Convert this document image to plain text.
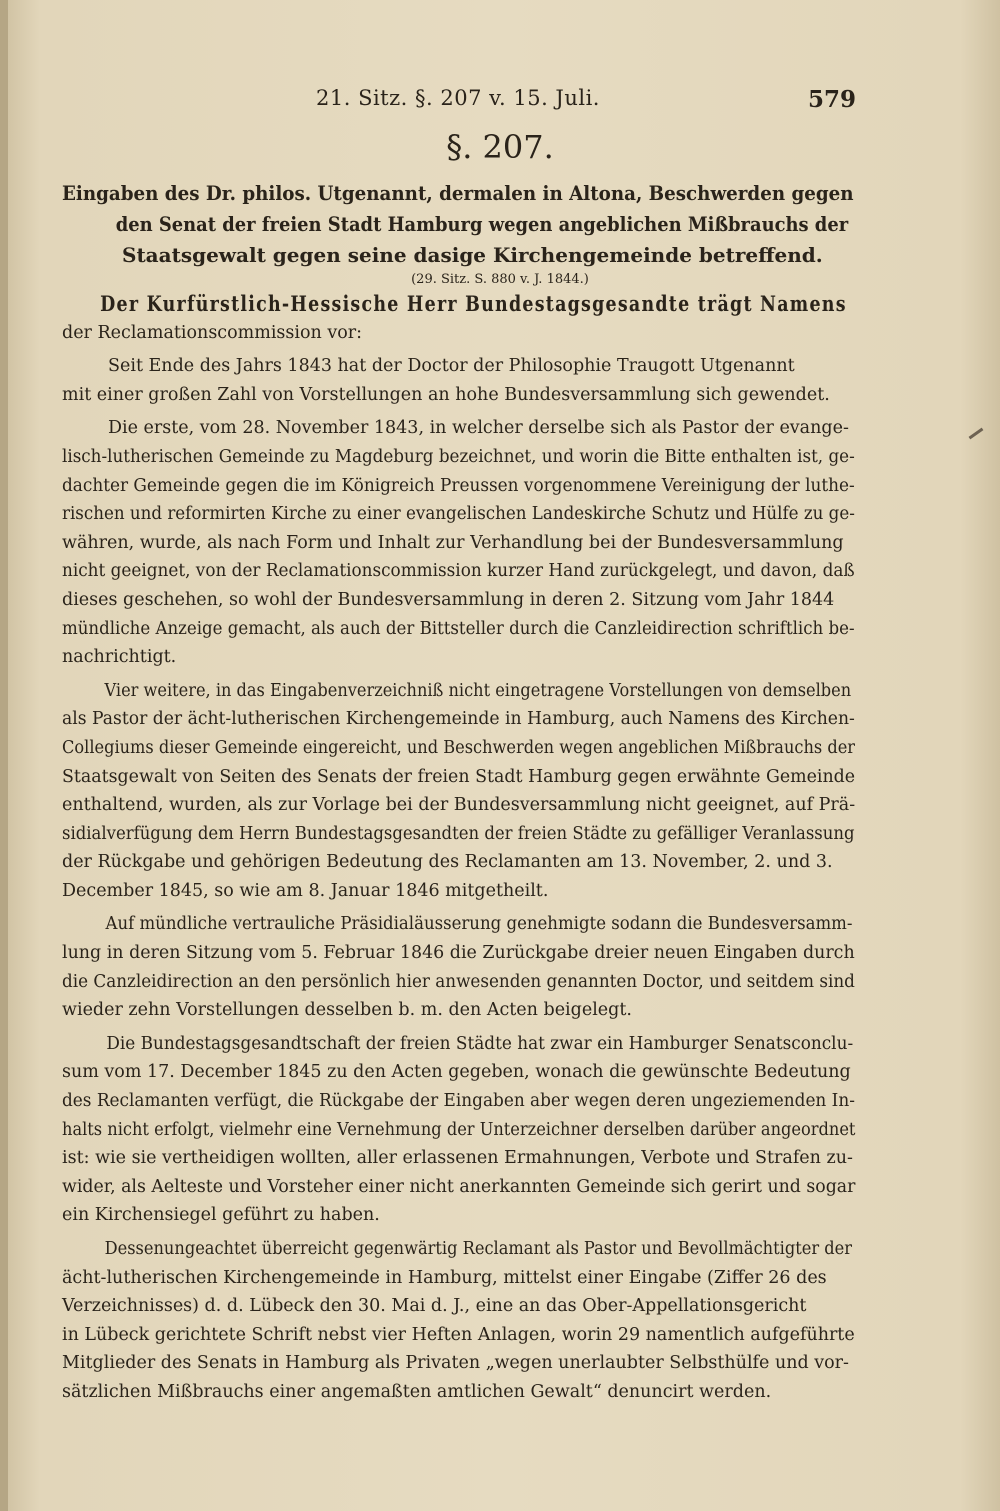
21. Sitz. §. 207 v. 15. Juli.	579
§. 207.
Eingaben des Dr. philos. Utgenannt, dermalen in Altona, Beschwerden gegen
den Senat der freien Stadt Hamburg wegen angeblichen Mißbrauchs der
Staatsgewalt gegen seine dasige Kirchengemeinde betreffend.
(29. Sitz. S. 880 v. J. 1844.)
Der Kurfürstlich-Hessische Herr Bundestagsgesandte trägt Namens
der Reclamationscommission vor:
Seit Ende des Jahrs 1843 hat der Doctor der Philosophie Traugott Utgenannt
mit einer großen Zahl von Vorstellungen an hohe Bundesversammlung sich gewendet.
Die erste, vom 28. November 1843, in welcher derselbe sich als Pastor der evange-
lisch-lutherischen Gemeinde zu Magdeburg bezeichnet, und worin die Bitte enthalten ist, ge-
dachter Gemeinde gegen die im Königreich Preussen vorgenommene Vereinigung der luthe-
rischen und reformirten Kirche zu einer evangelischen Landeskirche Schutz und Hülfe zu ge-
währen, wurde, als nach Form und Inhalt zur Verhandlung bei der Bundesversammlung
nicht geeignet, von der Reclamationscommission kurzer Hand zurückgelegt, und davon, daß
dieses geschehen, so wohl der Bundesversammlung in deren 2. Sitzung vom Jahr 1844
mündliche Anzeige gemacht, als auch der Bittsteller durch die Canzleidirection schriftlich be-
nachrichtigt.
Vier weitere, in das Eingabenverzeichniß nicht eingetragene Vorstellungen von demselben
als Pastor der ächt-lutherischen Kirchengemeinde in Hamburg, auch Namens des Kirchen-
Collegiums dieser Gemeinde eingereicht, und Beschwerden wegen angeblichen Mißbrauchs der
Staatsgewalt von Seiten des Senats der freien Stadt Hamburg gegen erwähnte Gemeinde
enthaltend, wurden, als zur Vorlage bei der Bundesversammlung nicht geeignet, auf Prä-
sidialverfügung dem Herrn Bundestagsgesandten der freien Städte zu gefälliger Veranlassung
der Rückgabe und gehörigen Bedeutung des Reclamanten am 13. November, 2. und 3.
December 1845, so wie am 8. Januar 1846 mitgetheilt.
Auf mündliche vertrauliche Präsidialäusserung genehmigte sodann die Bundesversamm-
lung in deren Sitzung vom 5. Februar 1846 die Zurückgabe dreier neuen Eingaben durch
die Canzleidirection an den persönlich hier anwesenden genannten Doctor, und seitdem sind
wieder zehn Vorstellungen desselben b. m. den Acten beigelegt.
Die Bundestagsgesandtschaft der freien Städte hat zwar ein Hamburger Senatsconclu-
sum vom 17. December 1845 zu den Acten gegeben, wonach die gewünschte Bedeutung
des Reclamanten verfügt, die Rückgabe der Eingaben aber wegen deren ungeziemenden In-
halts nicht erfolgt, vielmehr eine Vernehmung der Unterzeichner derselben darüber angeordnet
ist: wie sie vertheidigen wollten, aller erlassenen Ermahnungen, Verbote und Strafen zu-
wider, als Aelteste und Vorsteher einer nicht anerkannten Gemeinde sich gerirt und sogar
ein Kirchensiegel geführt zu haben.
Dessenungeachtet überreicht gegenwärtig Reclamant als Pastor und Bevollmächtigter der
ächt-lutherischen Kirchengemeinde in Hamburg, mittelst einer Eingabe (Ziffer 26 des
Verzeichnisses) d. d. Lübeck den 30. Mai d. J., eine an das Ober-Appellationsgericht
in Lübeck gerichtete Schrift nebst vier Heften Anlagen, worin 29 namentlich aufgeführte
Mitglieder des Senats in Hamburg als Privaten „wegen unerlaubter Selbsthülfe und vor-
sätzlichen Mißbrauchs einer angemaßten amtlichen Gewalt“ denuncirt werden.
